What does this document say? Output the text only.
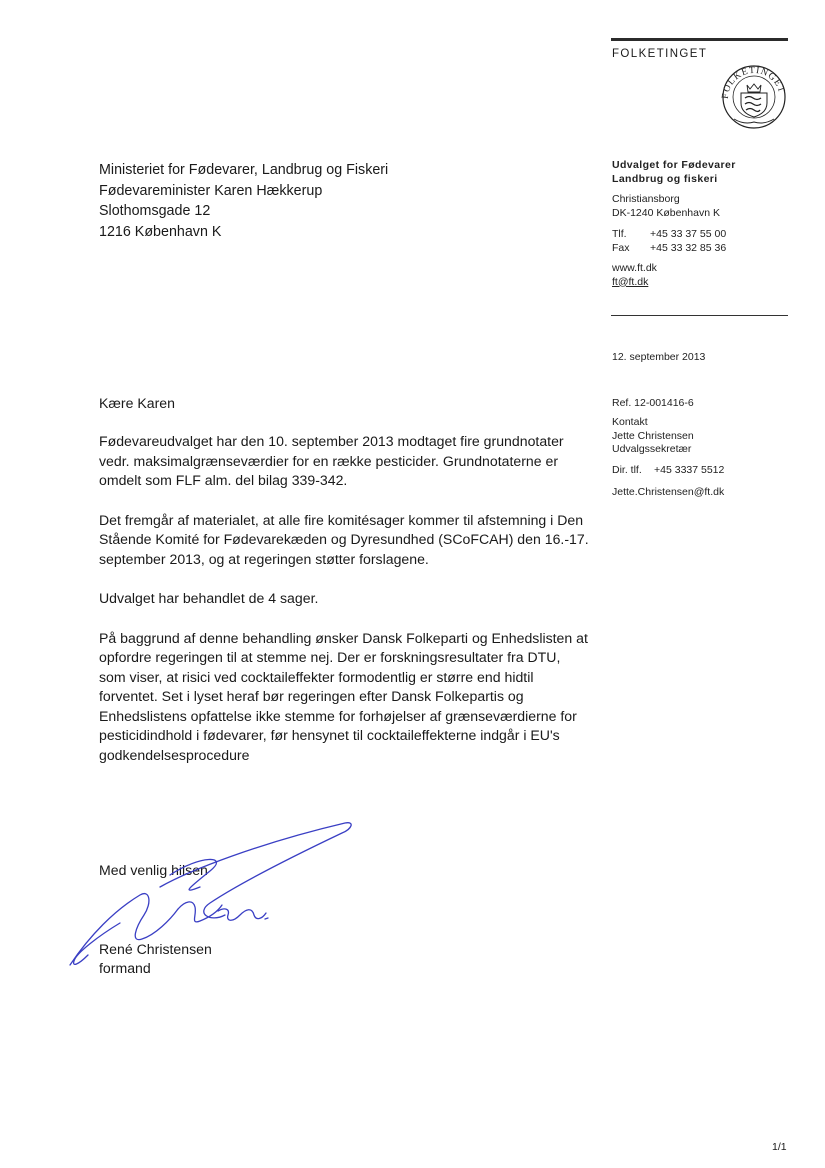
FOLKETINGET
FOLKETINGET
Ministeriet for Fødevarer, Landbrug og Fiskeri
Fødevareminister Karen Hækkerup
Slothomsgade 12
1216 København K
Udvalget for Fødevarer
Landbrug og fiskeri
Christiansborg
DK-1240 København K
Tlf. +45 33 37 55 00
Fax +45 33 32 85 36
www.ft.dk
ft@ft.dk
12. september 2013
Ref. 12-001416-6
Kontakt
Jette Christensen
Udvalgssekretær
Dir. tlf. +45 3337 5512
Jette.Christensen@ft.dk
Kære Karen

Fødevareudvalget har den 10. september 2013 modtaget fire grundnotater vedr. maksimalgrænseværdier for en række pesticider. Grundnotaterne er omdelt som FLF alm. del bilag 339-342.

Det fremgår af materialet, at alle fire komitésager kommer til afstemning i Den Stående Komité for Fødevarekæden og Dyresundhed (SCoFCAH) den 16.-17. september 2013, og at regeringen støtter forslagene.

Udvalget har behandlet de 4 sager.

På baggrund af denne behandling ønsker Dansk Folkeparti og Enhedslisten at opfordre regeringen til at stemme nej. Der er forskningsresultater fra DTU, som viser, at risici ved cocktaileffekter formodentlig er større end hidtil forventet. Set i lyset heraf bør regeringen efter Dansk Folkepartis og Enhedslistens opfattelse ikke stemme for forhøjelser af grænseværdierne for pesticidindhold i fødevarer, før hensynet til cocktaileffekterne indgår i EU's godkendelsesprocedure

Med venlig hilsen
René Christensen
formand
1/1
